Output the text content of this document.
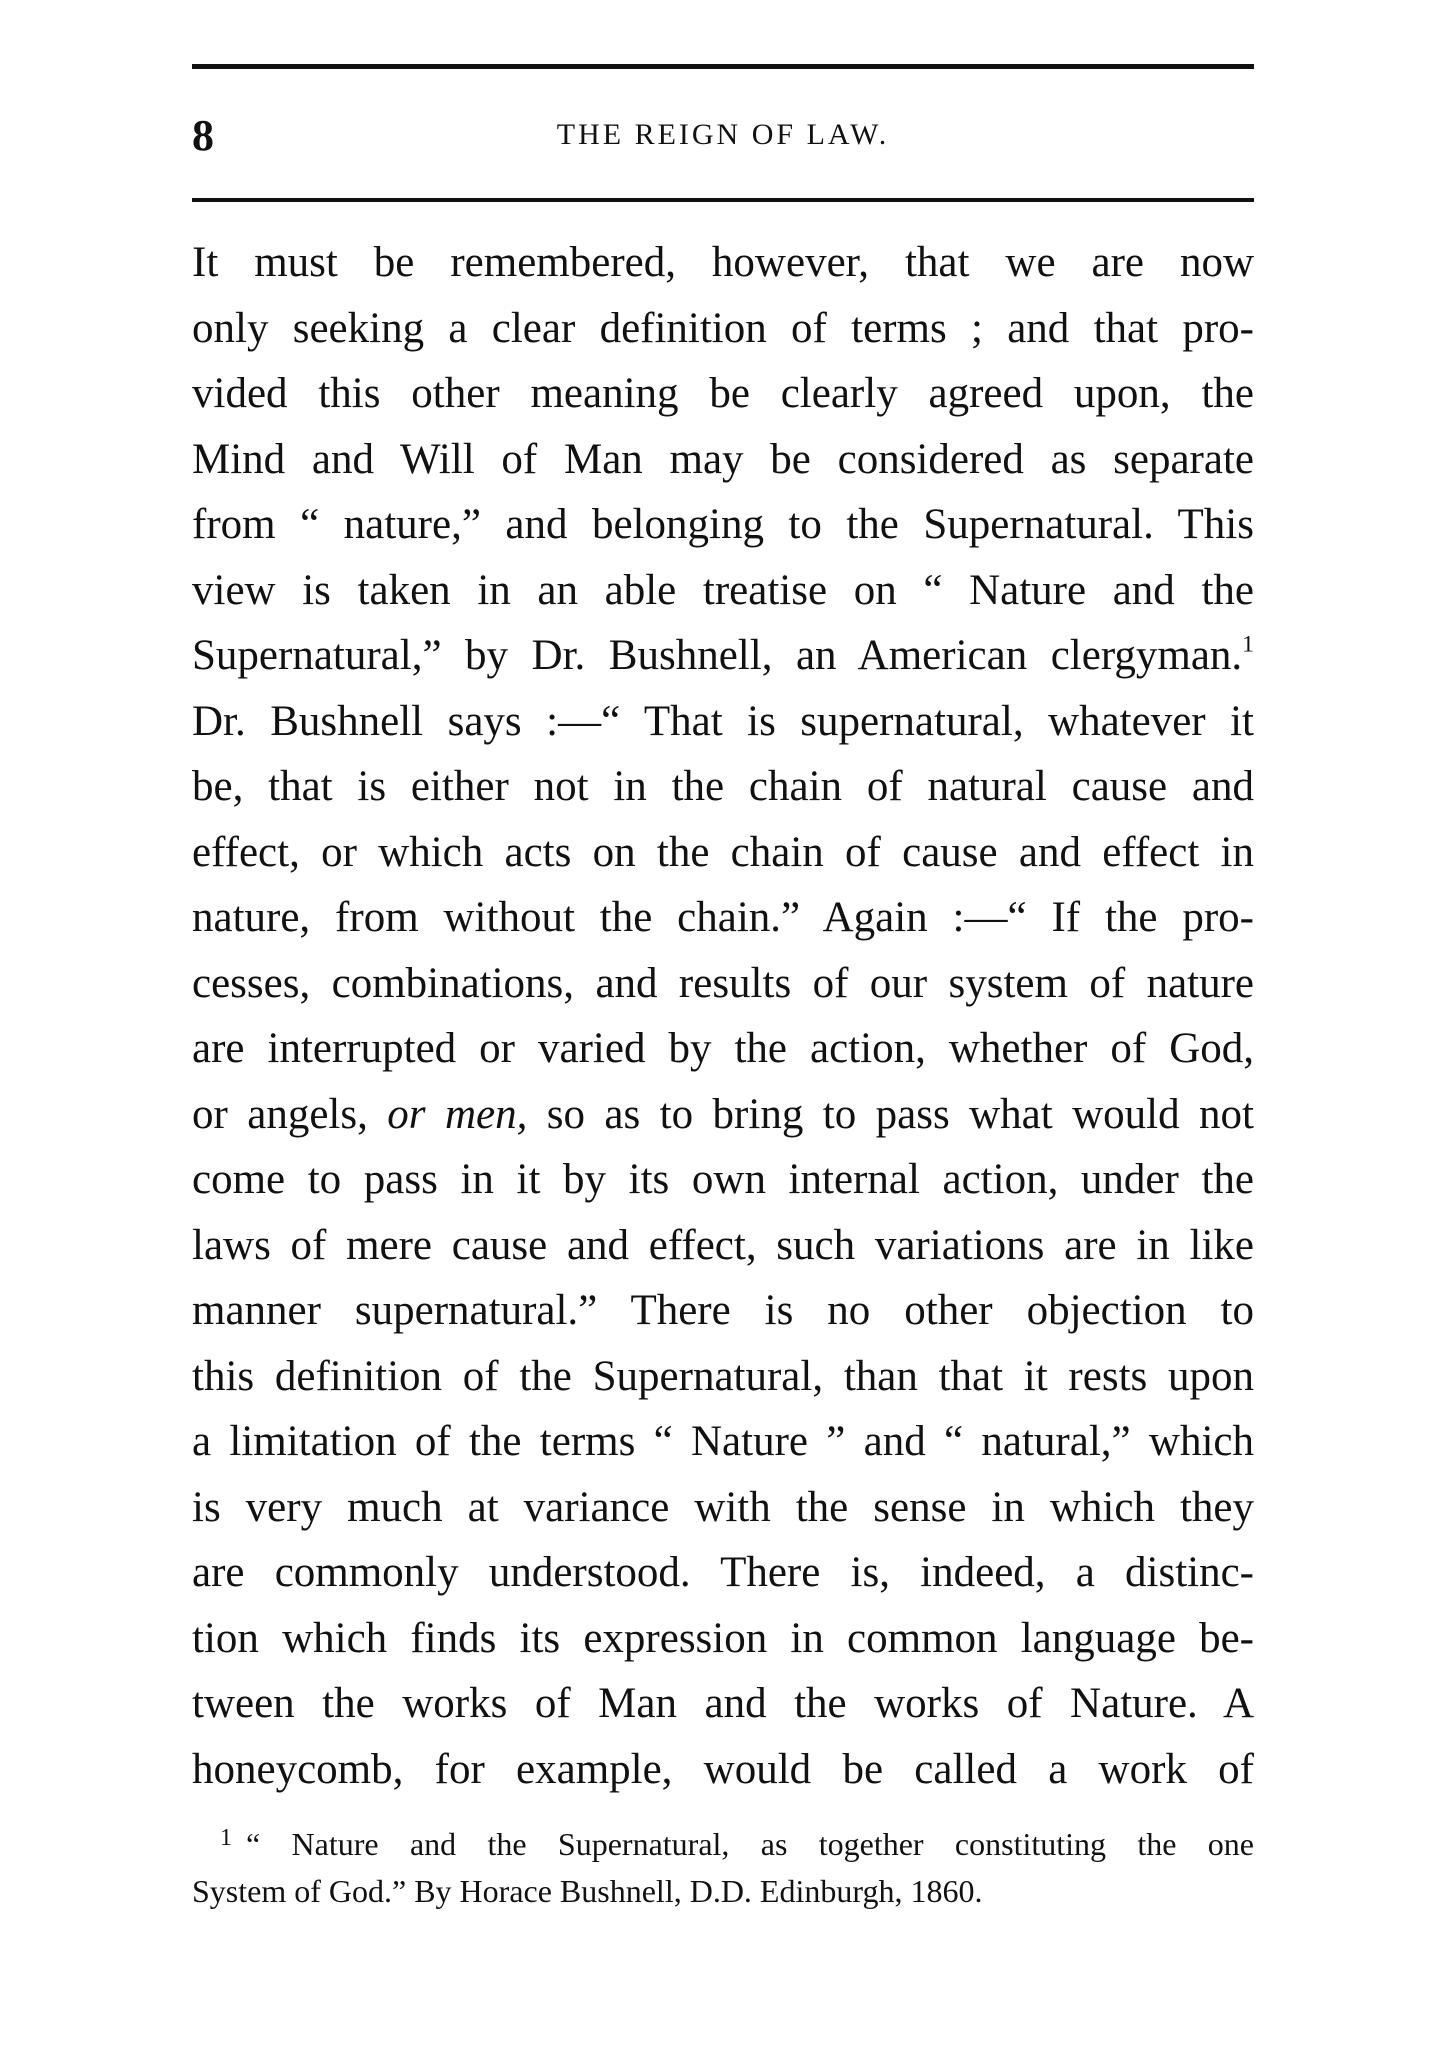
8	THE REIGN OF LAW.
It must be remembered, however, that we are now
only seeking a clear definition of terms ; and that pro-
vided this other meaning be clearly agreed upon, the
Mind and Will of Man may be considered as separate
from “ nature,” and belonging to the Supernatural. This
view is taken in an able treatise on “ Nature and the
Supernatural,” by Dr. Bushnell, an American clergyman.$^1$
Dr. Bushnell says :—“ That is supernatural, whatever it
be, that is either not in the chain of natural cause and
effect, or which acts on the chain of cause and effect in
nature, from without the chain.” Again :—“ If the pro-
cesses, combinations, and results of our system of nature
are interrupted or varied by the action, whether of God,
or angels, or men, so as to bring to pass what would not
come to pass in it by its own internal action, under the
laws of mere cause and effect, such variations are in like
manner supernatural.” There is no other objection to
this definition of the Supernatural, than that it rests upon
a limitation of the terms “ Nature ” and “ natural,” which
is very much at variance with the sense in which they
are commonly understood. There is, indeed, a distinc-
tion which finds its expression in common language be-
tween the works of Man and the works of Nature. A
honeycomb, for example, would be called a work of
$^1$ “ Nature and the Supernatural, as together constituting the one
System of God.” By Horace Bushnell, D.D. Edinburgh, 1860.
